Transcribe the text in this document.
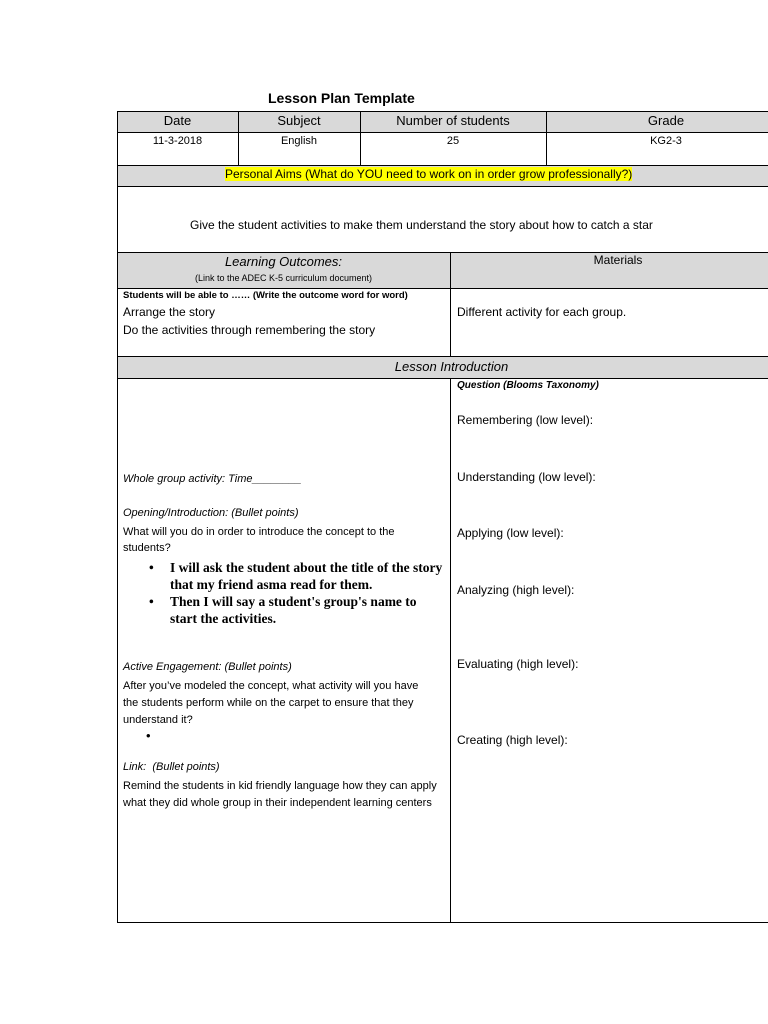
Lesson Plan Template
Date	Subject	Number of students	Grade
11-3-2018	English	25	KG2-3
Personal Aims (What do YOU need to work on in order grow professionally?)
Give the student activities to make them understand the story about how to catch a star
Learning Outcomes:
(Link to the ADEC K-5 curriculum document)
Materials
Students will be able to …… (Write the outcome word for word)
Arrange the story
Do the activities through remembering the story
Different activity for each group.
Lesson Introduction
Whole group activity: Time________
Opening/Introduction: (Bullet points)
What will you do in order to introduce the concept to the students?
• I will ask the student about the title of the story that my friend asma read for them.
• Then I will say a student's group's name to start the activities.
Active Engagement: (Bullet points)
After you’ve modeled the concept, what activity will you have the students perform while on the carpet to ensure that they understand it?
•
Link:  (Bullet points)
Remind the students in kid friendly language how they can apply what they did whole group in their independent learning centers
Question (Blooms Taxonomy)
Remembering (low level):
Understanding (low level):
Applying (low level):
Analyzing (high level):
Evaluating (high level):
Creating (high level):
